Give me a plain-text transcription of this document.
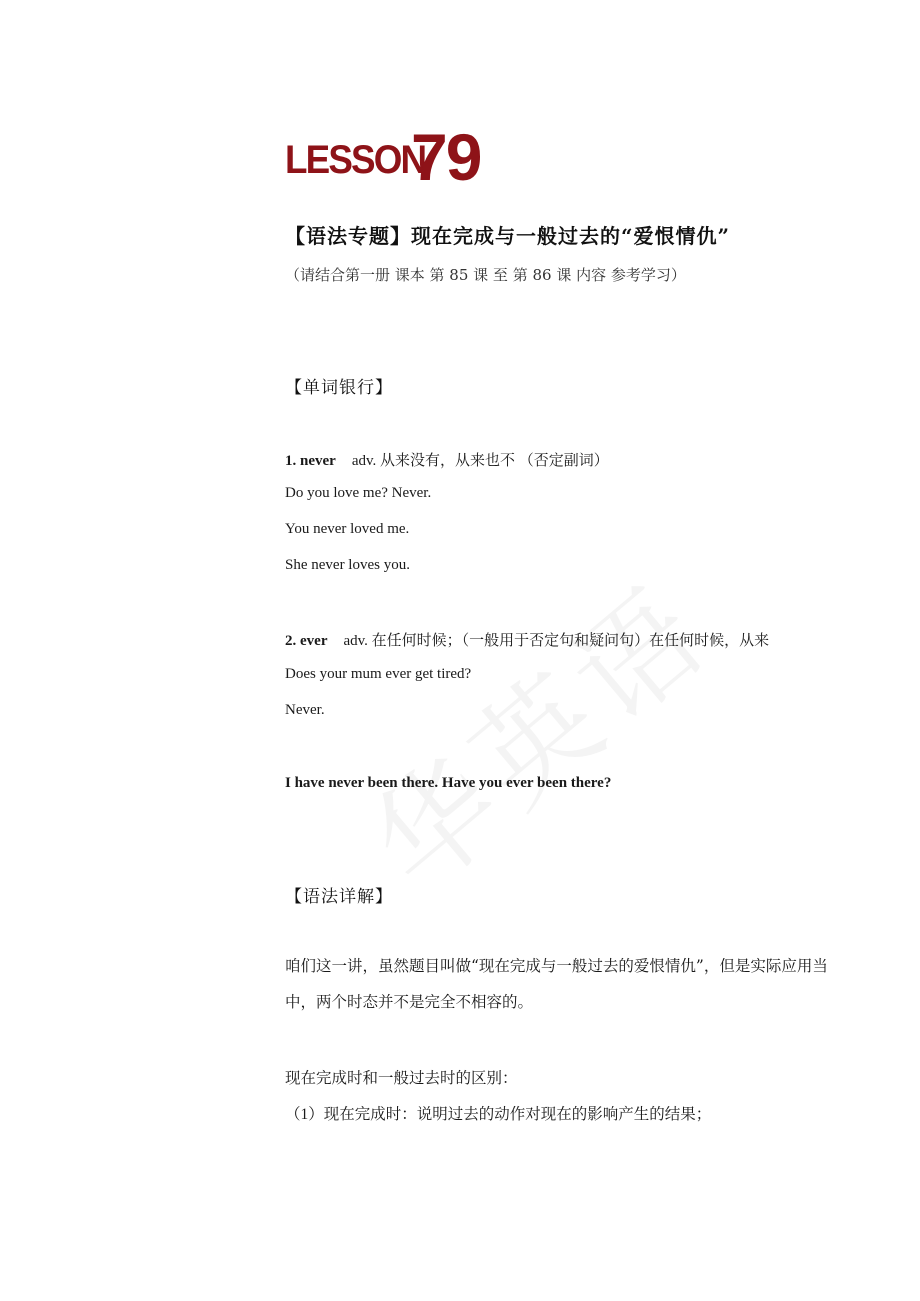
LESSON
79
【语法专题】现在完成与一般过去的“爱恨情仇”
（请结合第一册 课本 第 85 课 至 第 86 课 内容 参考学习）
【单词银行】
1. never adv. 从来没有，从来也不 （否定副词）
Do you love me? Never.
You never loved me.
She never loves you.
2. ever adv. 在任何时候；（一般用于否定句和疑问句）在任何时候，从来
Does your mum ever get tired?
Never.
I have never been there. Have you ever been there?
【语法详解】
咱们这一讲，虽然题目叫做“现在完成与一般过去的爱恨情仇”，但是实际应用当中，两个时态并不是完全不相容的。
现在完成时和一般过去时的区别：
（1）现在完成时：说明过去的动作对现在的影响产生的结果；
